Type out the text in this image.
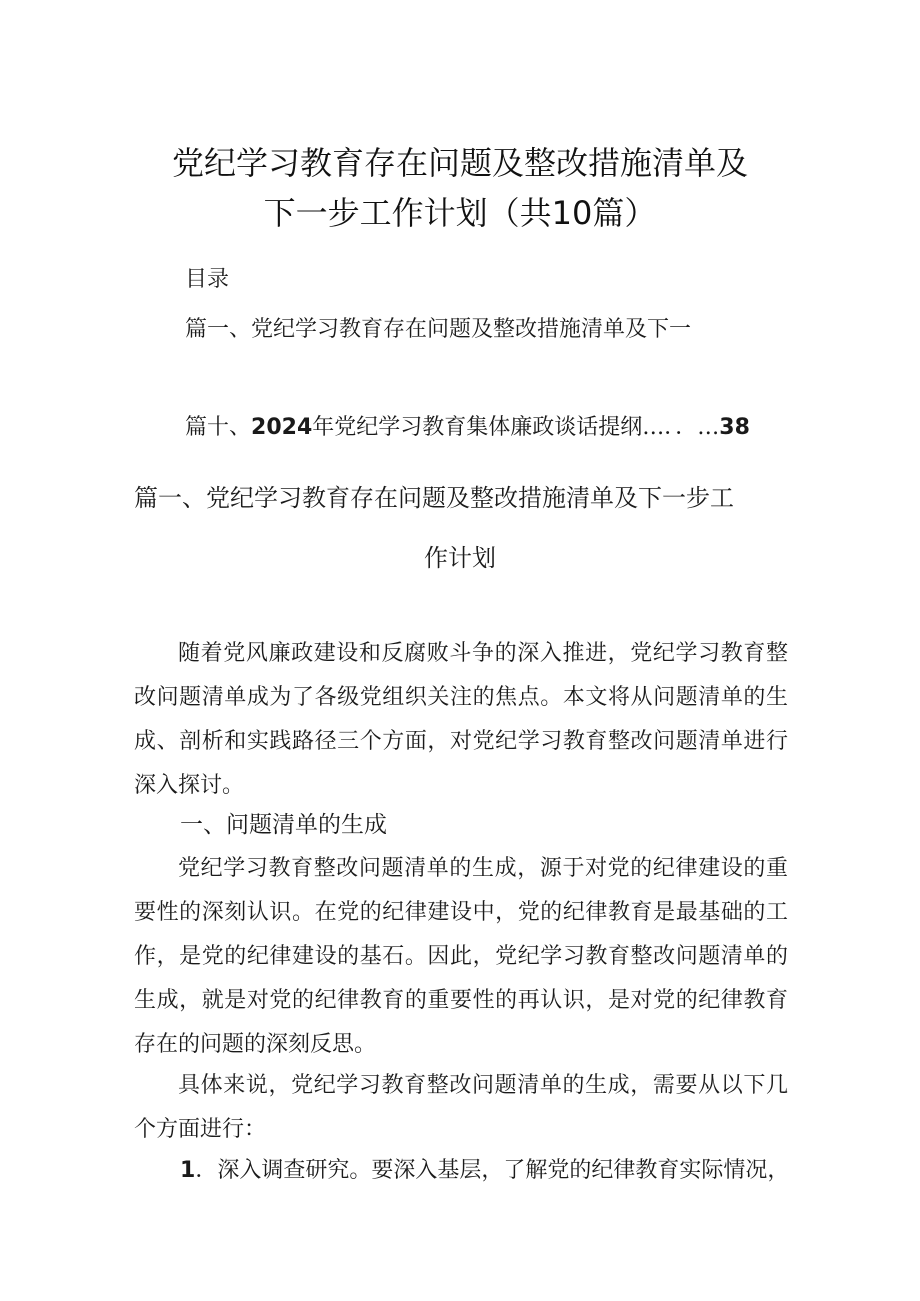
党纪学习教育存在问题及整改措施清单及
下一步工作计划（共10篇）
目录
篇一、党纪学习教育存在问题及整改措施清单及下一
篇十、2024年党纪学习教育集体廉政谈话提纲…．．…38
篇一、党纪学习教育存在问题及整改措施清单及下一步工
作计划

随着党风廉政建设和反腐败斗争的深入推进，党纪学习教育整改问题清单成为了各级党组织关注的焦点。本文将从问题清单的生成、剖析和实践路径三个方面，对党纪学习教育整改问题清单进行深入探讨。

一、问题清单的生成

党纪学习教育整改问题清单的生成，源于对党的纪律建设的重要性的深刻认识。在党的纪律建设中，党的纪律教育是最基础的工作，是党的纪律建设的基石。因此，党纪学习教育整改问题清单的生成，就是对党的纪律教育的重要性的再认识，是对党的纪律教育存在的问题的深刻反思。

具体来说，党纪学习教育整改问题清单的生成，需要从以下几个方面进行：

1．深入调查研究。要深入基层，了解党的纪律教育实际情况，
